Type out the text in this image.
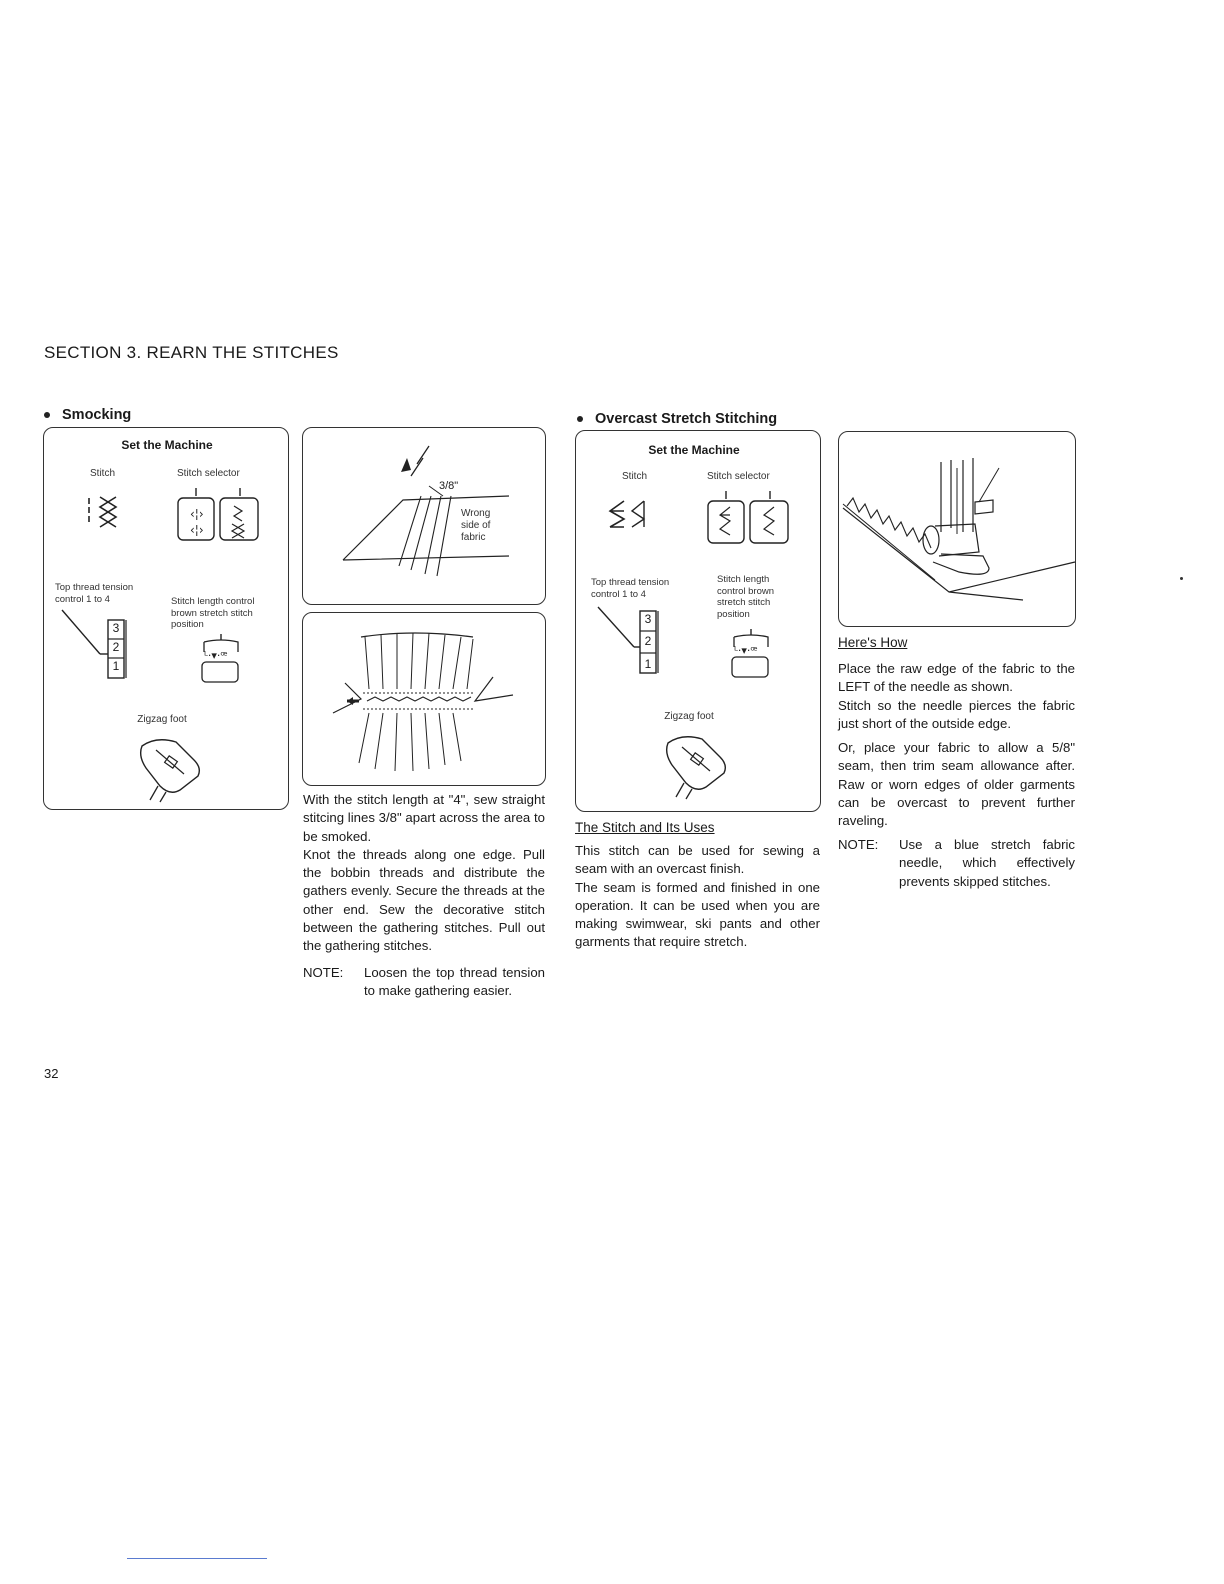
SECTION 3. REARN THE STITCHES
Smocking
Set the Machine
Stitch	Stitch selector
‹¦›
‹¦›
Top thread tension control 1 to 4	Stitch length control brown stretch stitch position
3
2
1
ᴸ·▾·ꟹ
Zigzag foot
3/8"
Wrong side of fabric

With the stitch length at "4", sew straight stitcing lines 3/8" apart across the area to be smoked.

Knot the threads along one edge. Pull the bobbin threads and distribute the gathers evenly. Secure the threads at the other end. Sew the decorative stitch between the gathering stitches. Pull out the gathering stitches.

NOTE: Loosen the top thread tension to make gathering easier.
Overcast Stretch Stitching
Set the Machine
Stitch	Stitch selector
Top thread tension control 1 to 4
Stitch length control brown stretch stitch position
3
2
1
ᴸ·▾·ꟹ
Zigzag foot
The Stitch and Its Uses

This stitch can be used for sewing a seam with an overcast finish.

The seam is formed and finished in one operation. It can be used when you are making swimwear, ski pants and other garments that require stretch.

Here's How

Place the raw edge of the fabric to the LEFT of the needle as shown.

Stitch so the needle pierces the fabric just short of the outside edge.

Or, place your fabric to allow a 5/8" seam, then trim seam allowance after. Raw or worn edges of older garments can be overcast to prevent further raveling.

NOTE: Use a blue stretch fabric needle, which effectively prevents skipped stitches.
32
